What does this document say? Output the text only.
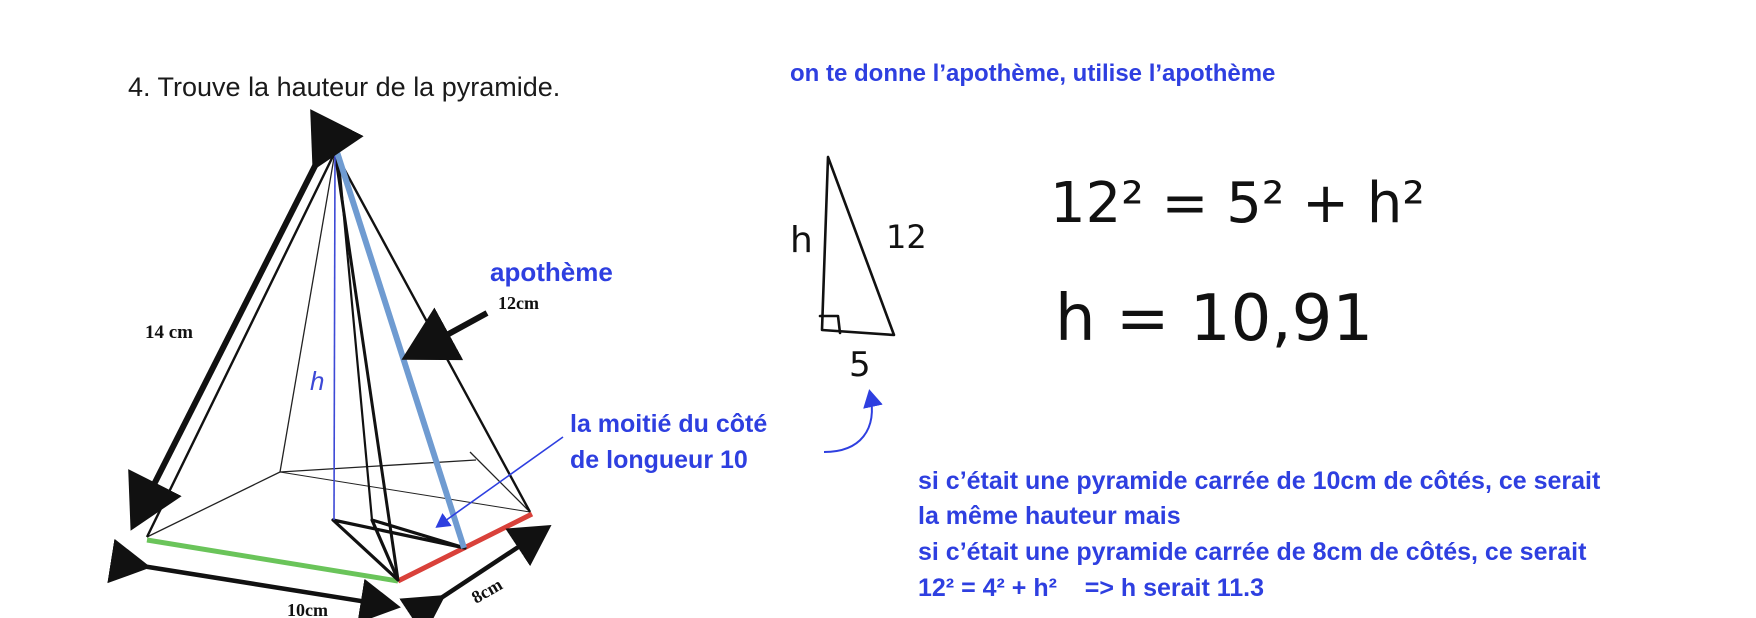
4. Trouve la hauteur de la pyramide.	on te donne l’apothème, utilise l’apothème
h
14 cm
10cm
8cm
apothème
12cm
la moitié du côté
de longueur 10
h 12
5
12² = 5² + h²
h = 10,91
si c’était une pyramide carrée de 10cm de côtés, ce serait
la même hauteur mais
si c’était une pyramide carrée de 8cm de côtés, ce serait
12² = 4² + h²    => h serait 11.3
